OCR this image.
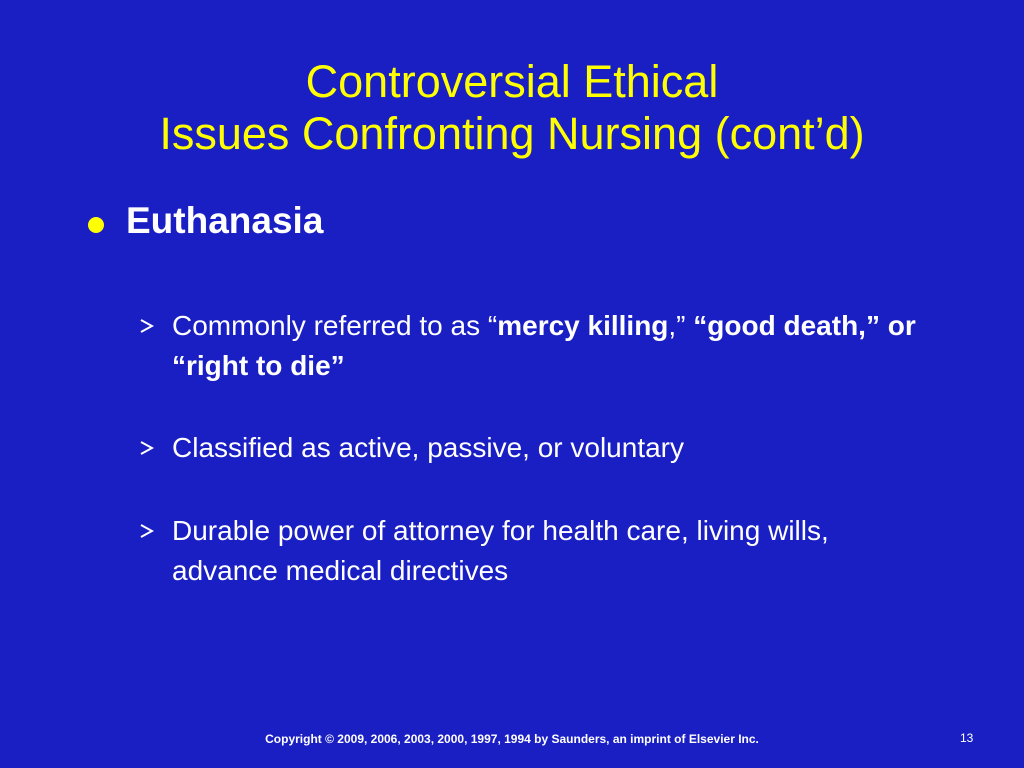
Controversial Ethical
Issues Confronting Nursing (cont’d)
Euthanasia
Commonly referred to as “mercy killing,” “good death,” or “right to die”
Classified as active, passive, or voluntary
Durable power of attorney for health care, living wills, advance medical directives
Copyright © 2009, 2006, 2003, 2000, 1997, 1994 by Saunders, an imprint of Elsevier Inc.	13
